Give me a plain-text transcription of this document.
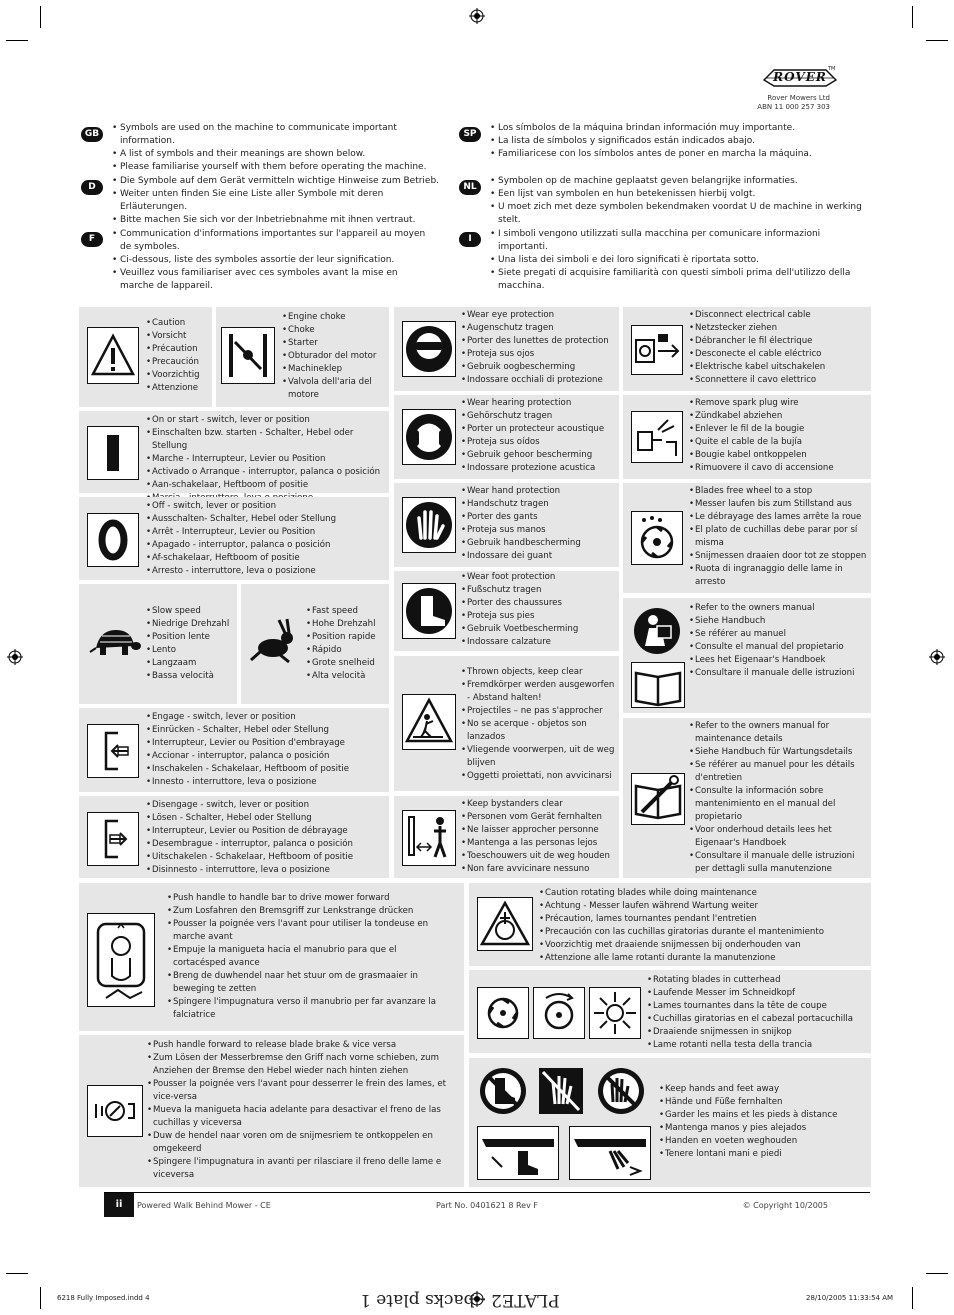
ROVER
TM
Rover Mowers Ltd
ABN 11 000 257 303
GB
• Symbols are used on the machine to communicate important information.
• A list of symbols and their meanings are shown below.
• Please familiarise yourself with them before operating the machine.
D
• Die Symbole auf dem Gerät vermitteln wichtige Hinweise zum Betrieb.
• Weiter unten finden Sie eine Liste aller Symbole mit deren Erläuterungen.
• Bitte machen Sie sich vor der Inbetriebnahme mit ihnen vertraut.
F	• Communication d'informations importantes sur l'appareil au moyen de symboles.
• Ci-dessous, liste des symboles assortie der leur signification.
• Veuillez vous familiariser avec ces symboles avant la mise en marche de lappareil.
SP
• Los símbolos de la máquina brindan información muy importante.
• La lista de símbolos y significados están indicados abajo.
• Familiaricese con los símbolos antes de poner en marcha la máquina.
NL
• Symbolen op de machine geplaatst geven belangrijke informaties.
• Een lijst van symbolen en hun betekenissen hierbij volgt.
• U moet zich met deze symbolen bekendmaken voordat U de machine in werking stelt.
I	• I simboli vengono utilizzati sulla macchina per comunicare informazioni importanti.
• Una lista dei simboli e dei loro significati è riportata sotto.
• Siete pregati di acquisire familiarità con questi simboli prima dell'utilizzo della macchina.
• Caution
• Vorsicht
• Précaution
• Precaución
• Voorzichtig
• Attenzione
• Engine choke
• Choke
• Starter
• Obturador del motor
• Machineklep
• Valvola dell'aria del motore
• On or start - switch, lever or position
• Einschalten bzw. starten - Schalter, Hebel oder Stellung
• Marche - Interrupteur, Levier ou Position
• Activado o Arranque - interruptor, palanca o posición
• Aan-schakelaar, Heftboom of positie
•
• Off - switch, lever or position
• Ausschalten- Schalter, Hebel oder Stellung
• Arrêt - Interrupteur, Levier ou Position
• Apagado - interruptor, palanca o posición
• Af-schakelaar, Heftboom of positie
• Arresto - interruttore, leva o posizione
• Slow speed
• Niedrige Drehzahl
• Position lente
• Lento
• Langzaam
• Bassa velocità
• Fast speed
• Hohe Drehzahl
• Position rapide
• Rápido
• Grote snelheid
• Alta velocità
• Engage - switch, lever or position
• Einrücken - Schalter, Hebel oder Stellung
• Interrupteur, Levier ou Position d'embrayage
• Accionar - interruptor, palanca o posición
• Inschakelen - Schakelaar, Heftboom of positie
• Innesto - interruttore, leva o posizione
• Disengage - switch, lever or position
• Lösen - Schalter, Hebel oder Stellung
• Interrupteur, Levier ou Position de débrayage
• Desembrague - interruptor, palanca o posición
• Uitschakelen - Schakelaar, Heftboom of positie
• Disinnesto - interruttore, leva o posizione
• Wear eye protection
• Augenschutz tragen
• Porter des lunettes de protection
• Proteja sus ojos
• Gebruik oogbescherming
• Indossare occhiali di protezione
• Wear hearing protection
• Gehörschutz tragen
• Porter un protecteur acoustique
• Proteja sus oídos
• Gebruik gehoor bescherming
• Indossare protezione acustica
• Wear hand protection
• Handschutz tragen
• Porter des gants
• Proteja sus manos
• Gebruik handbescherming
• Indossare dei guant
• Wear foot protection
• Fußschutz tragen
• Porter des chaussures
• Proteja sus pies
• Gebruik Voetbescherming
• Indossare calzature
• Thrown objects, keep clear
• Fremdkörper werden ausgeworfen - Abstand halten!
• Projectiles – ne pas s'approcher
• No se acerque - objetos son lanzados
• Vliegende voorwerpen, uit de weg blijven
• Oggetti proiettati, non avvicinarsi
• Keep bystanders clear
• Personen vom Gerät fernhalten
• Ne laisser approcher personne
• Mantenga a las personas lejos
• Toeschouwers uit de weg houden
• Non fare avvicinare nessuno
• Disconnect electrical cable
• Netzstecker ziehen
• Débrancher le fil électrique
• Desconecte el cable eléctrico
• Elektrische kabel uitschakelen
• Sconnettere il cavo elettrico
• Remove spark plug wire
• Zündkabel abziehen
• Enlever le fil de la bougie
• Quite el cable de la bujía
• Bougie kabel ontkoppelen
• Rimuovere il cavo di accensione
• Blades free wheel to a stop
• Messer laufen bis zum Stillstand aus
• Le débrayage des lames arrête la roue
• El plato de cuchillas debe parar por sí misma
• Snijmessen draaien door tot ze stoppen
• Ruota di ingranaggio delle lame in arresto
• Refer to the owners manual
• Siehe Handbuch
• Se référer au manuel
• Consulte el manual del propietario
• Lees het Eigenaar's Handboek
• Consultare il manuale delle istruzioni
• Refer to the owners manual for maintenance details
• Siehe Handbuch für Wartungsdetails
• Se référer au manuel pour les détails d'entretien
• Consulte la información sobre mantenimiento en el manual del propietario
• Voor onderhoud details lees het Eigenaar's Handboek
• Consultare il manuale delle istruzioni per dettagli sulla manutenzione
• Push handle to handle bar to drive mower forward
• Zum Losfahren den Bremsgriff zur Lenkstrange drücken
• Pousser la poignée vers l'avant pour utiliser la tondeuse en marche avant
• Empuje la manigueta hacia el manubrio para que el cortacésped avance
• Breng de duwhendel naar het stuur om de grasmaaier in beweging te zetten
• Spingere l'impugnatura verso il manubrio per far avanzare la falciatrice
• Push handle forward to release blade brake & vice versa
• Zum Lösen der Messerbremse den Griff nach vorne schieben, zum Anziehen der Bremse den Hebel wieder nach hinten ziehen
• Pousser la poignée vers l'avant pour desserrer le frein des lames, et vice-versa
• Mueva la manigueta hacia adelante para desactivar el freno de las cuchillas y viceversa
• Duw de hendel naar voren om de snijmesriem te ontkoppelen en omgekeerd
• Spingere l'impugnatura in avanti per rilasciare il freno delle lame e viceversa
• Caution rotating blades while doing maintenance
• Achtung - Messer laufen während Wartung weiter
• Précaution, lames tournantes pendant l'entretien
• Precaución con las cuchillas giratorias durante el mantenimiento
• Voorzichtig met draaiende snijmessen bij onderhouden van
• Attenzione alle lame rotanti durante la manutenzione
• Rotating blades in cutterhead
• Laufende Messer im Schneidkopf
• Lames tournantes dans la tête de coupe
• Cuchillas giratorias en el cabezal portacuchilla
• Draaiende snijmessen in snijkop
• Lame rotanti nella testa della trancia
• Keep hands and feet away
• Hände und Füße fernhalten
• Garder les mains et les pieds à distance
• Mantenga manos y pies alejados
• Handen en voeten weghouden
• Tenere lontani mani e piedi
ii	Powered Walk Behind Mower - CE	Part No. 0401621 8 Rev F	© Copyright 10/2005
6218 Fully Imposed.indd 4	28/10/2005 11:33:54 AM
PLATE2 - backs plate 1
